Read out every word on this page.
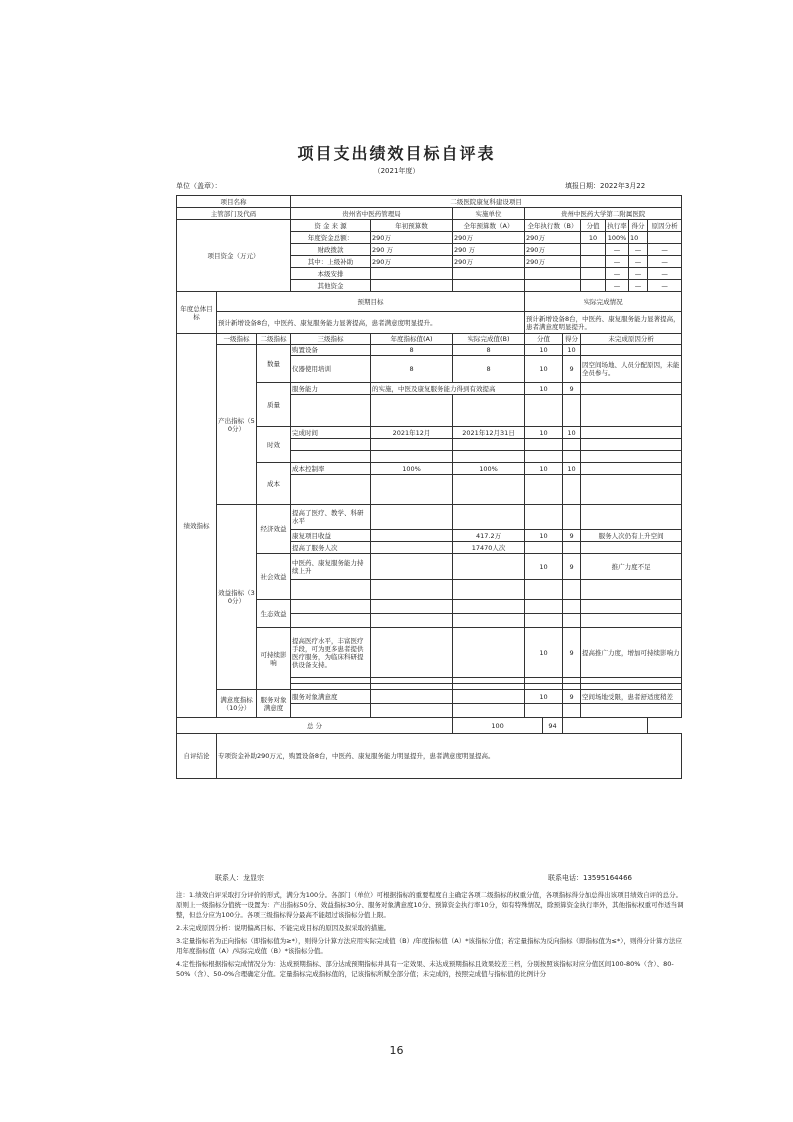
项目支出绩效目标自评表
（2021年度）
单位（盖章）：	填报日期：2022年3月22
项目名称			二级医院康复科建设项目									
主管部门及代码			贵州省中医药管理局		实施单位	贵州中医药大学第二附属医院						
项目资金（万元）			资 金 来 源	年初预算数	全年预算数（A）	全年执行数（B）			分值	执行率	得分	原因分析
			年度资金总额：	290万	290万	290万			10	100%	10	
			财政拨款	290 万	290 万	290万				—	—	—
			其中：上级补助	290万	290万	290万				—	—	—
			本级安排							—	—	—
			其他资金							—	—	—
年度总体目标	预期目标					实际完成情况						
	预计新增设备8台，中医药、康复服务能力显著提高，患者满意度明显提升。					预计新增设备8台，中医药、康复服务能力显著提高，患者满意度明显提升。						
绩效指标	一级指标	二级指标	三级指标	年度指标值(A)	实际完成值(B)	分值		得分	未完成原因分析			
	产出指标（50分）	数量	购置设备	8	8	10		10				
			仪器使用培训	8	8	10		9	因空间场地、人员分配原因，未能全员参与。			
		质量	服务能力	的实施，中医及康复服务能力得到有效提高		10		9				

		时效	完成时间	2021年12月	2021年12月31日	10		10				

		成本	成本控制率	100%	100%	10		10				

	效益指标（30分）	经济效益	提高了医疗、教学、科研水平									
			康复项目收益		417.2万	10		9	服务人次仍有上升空间			
			提高了服务人次		17470人次							
		社会效益	中医药、康复服务能力持续上升			10		9	推广力度不足			

		生态效益										

		可持续影响	提高医疗水平，丰富医疗手段，可为更多患者提供医疗服务，为临床科研提供设备支持。			10		9	提高推广力度，增加可持续影响力			

	满意度指标（10分）	服务对象满意度	服务对象满意度			10		9	空间场地受限，患者舒适度稍差			

总 分					100		94					
自评结论	专项资金补助290万元，购置设备8台，中医药、康复服务能力明显提升，患者满意度明显提高。											
联系人：龙显宗	联系电话：13595164466

注：1.绩效自评采取打分评价的形式，满分为100分。各部门（单位）可根据指标的重要程度自主确定各项二级指标的权重分值，各项指标得分加总得出该项目绩效自评的总分。原则上一级指标分值统一设置为：产出指标50分、效益指标30分、服务对象满意度10分、预算资金执行率10分，如有特殊情况，除预算资金执行率外，其他指标权重可作适当调整，但总分应为100分。各项三级指标得分最高不能超过该指标分值上限。

2.未完成原因分析：说明偏离目标、不能完成目标的原因及拟采取的措施。

3.定量指标若为正向指标（即指标值为≥*），则得分计算方法应用实际完成值（B）/年度指标值（A）*该指标分值；若定量指标为反向指标（即指标值为≤*），则得分计算方法应用年度指标值（A）/实际完成值（B）*该指标分值。

4.定性指标根据指标完成情况分为：达成预期指标、部分达成预期指标并具有一定效果、未达成预期指标且效果较差三档，分别按照该指标对应分值区间100-80%（含）、80-50%（含）、50-0%合理确定分值。定量指标完成指标值的，记该指标所赋全部分值；未完成的，按照完成值与指标值的比例计分

16
